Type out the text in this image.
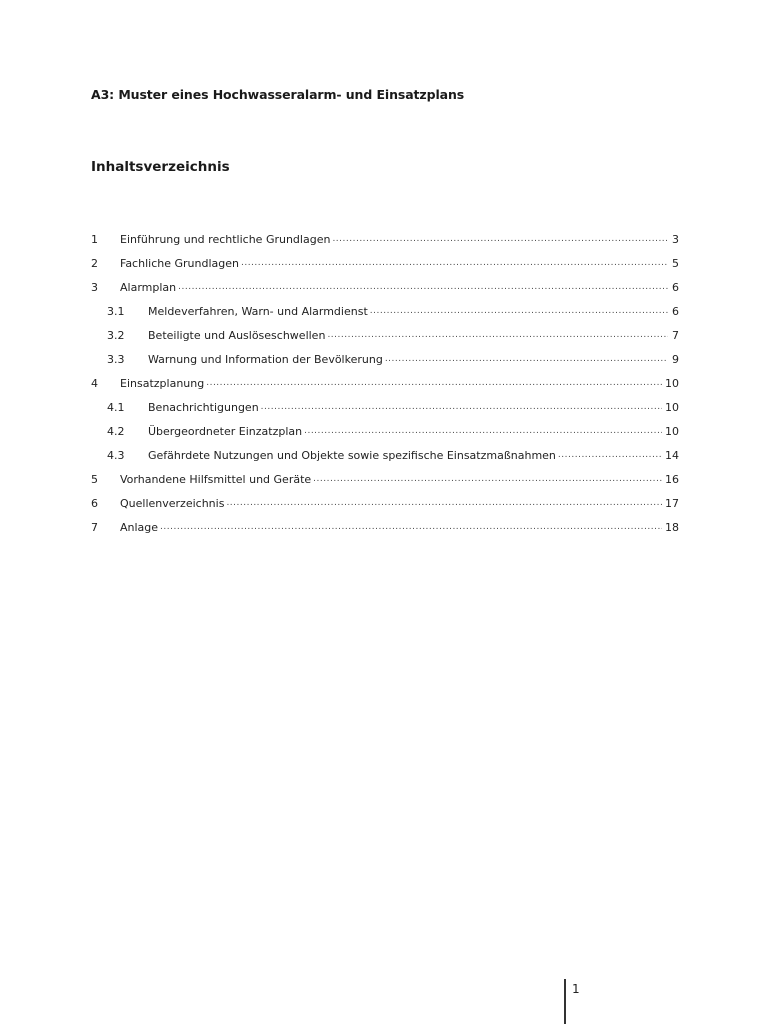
A3: Muster eines Hochwasseralarm- und Einsatzplans
Inhaltsverzeichnis
1	Einführung und rechtliche Grundlagen .....	3
2	Fachliche Grundlagen .....	5
3	Alarmplan .....	6
3.1	Meldeverfahren, Warn- und Alarmdienst .....	6
3.2	Beteiligte und Auslöseschwellen .....	7
3.3	Warnung und Information der Bevölkerung .....	9
4	Einsatzplanung .....	10
4.1	Benachrichtigungen .....	10
4.2	Übergeordneter Einzatzplan .....	10
4.3	Gefährdete Nutzungen und Objekte sowie spezifische Einsatzmaßnahmen .....	14
5	Vorhandene Hilfsmittel und Geräte .....	16
6	Quellenverzeichnis .....	17
7	Anlage .....	18
1
